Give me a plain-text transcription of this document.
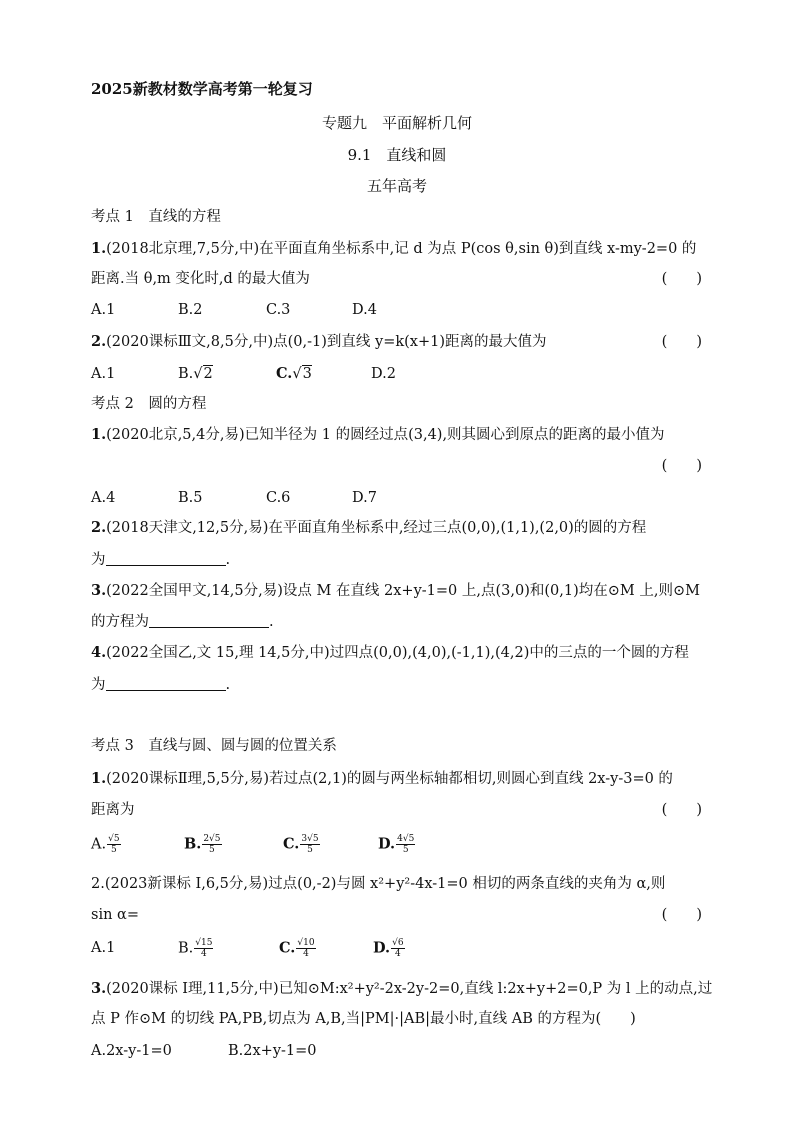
2025新教材数学高考第一轮复习
专题九　平面解析几何
9.1　直线和圆
五年高考
考点 1　直线的方程
1.(2018北京理,7,5分,中)在平面直角坐标系中,记 d 为点 P(cos θ,sin θ)到直线 x-my-2=0 的
距离.当 θ,m 变化时,d 的最大值为	(　　)
A.1	B.2	C.3	D.4
2.(2020课标Ⅲ文,8,5分,中)点(0,-1)到直线 y=k(x+1)距离的最大值为	(　　)
A.1	B.√2	C.√3	D.2
考点 2　圆的方程
1.(2020北京,5,4分,易)已知半径为 1 的圆经过点(3,4),则其圆心到原点的距离的最小值为
(　　)
A.4	B.5	C.6	D.7
2.(2018天津文,12,5分,易)在平面直角坐标系中,经过三点(0,0),(1,1),(2,0)的圆的方程
为	.
3.(2022全国甲文,14,5分,易)设点 M 在直线 2x+y-1=0 上,点(3,0)和(0,1)均在⊙M 上,则⊙M
的方程为	.
4.(2022全国乙,文 15,理 14,5分,中)过四点(0,0),(4,0),(-1,1),(4,2)中的三点的一个圆的方程
为	.
考点 3　直线与圆、圆与圆的位置关系
1.(2020课标Ⅱ理,5,5分,易)若过点(2,1)的圆与两坐标轴都相切,则圆心到直线 2x-y-3=0 的
距离为	(　　)
A. $\frac{√5}{5}$	B. $\frac{2√5}{5}$	C. $\frac{3√5}{5}$	D. $\frac{4√5}{5}$
2.(2023新课标 Ⅰ,6,5分,易)过点(0,-2)与圆 x²+y²-4x-1=0 相切的两条直线的夹角为 α,则
sin α=	(　　)
A.1	B. $\frac{√15}{4}$	C. $\frac{√10}{4}$	D. $\frac{√6}{4}$
3.(2020课标 Ⅰ理,11,5分,中)已知⊙M:x²+y²-2x-2y-2=0,直线 l:2x+y+2=0,P 为 l 上的动点,过
点 P 作⊙M 的切线 PA,PB,切点为 A,B,当|PM|·|AB|最小时,直线 AB 的方程为(　　)
A.2x-y-1=0	B.2x+y-1=0
